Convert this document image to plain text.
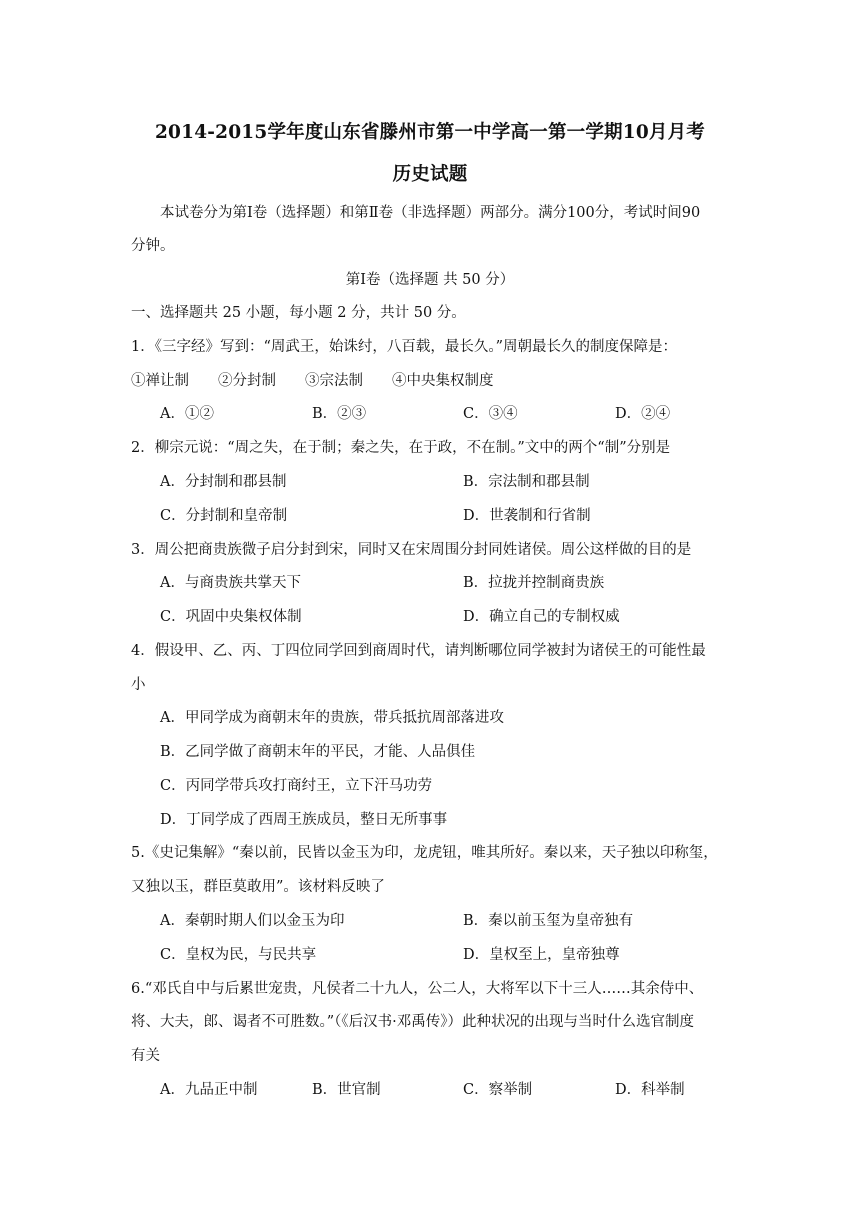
2014-2015学年度山东省滕州市第一中学高一第一学期10月月考
历史试题
本试卷分为第Ⅰ卷（选择题）和第Ⅱ卷（非选择题）两部分。满分100分，考试时间90
分钟。
第Ⅰ卷（选择题 共 50 分）
一、选择题共 25 小题，每小题 2 分，共计 50 分。
1．《三字经》写到：“周武王，始诛纣，八百载，最长久。”周朝最长久的制度保障是：
①禅让制　　②分封制　　③宗法制　　④中央集权制度
A．①②	B．②③	C．③④	D．②④
2．柳宗元说：“周之失，在于制；秦之失，在于政，不在制。”文中的两个“制”分别是
A．分封制和郡县制	B．宗法制和郡县制
C．分封制和皇帝制	D．世袭制和行省制
3．周公把商贵族微子启分封到宋，同时又在宋周围分封同姓诸侯。周公这样做的目的是
A．与商贵族共掌天下	B．拉拢并控制商贵族
C．巩固中央集权体制	D．确立自己的专制权威
4．假设甲、乙、丙、丁四位同学回到商周时代，请判断哪位同学被封为诸侯王的可能性最
小
A．甲同学成为商朝末年的贵族，带兵抵抗周部落进攻
B．乙同学做了商朝末年的平民，才能、人品俱佳
C．丙同学带兵攻打商纣王，立下汗马功劳
D．丁同学成了西周王族成员，整日无所事事
5.《史记集解》“秦以前，民皆以金玉为印，龙虎钮，唯其所好。秦以来，天子独以印称玺，
又独以玉，群臣莫敢用”。该材料反映了
A．秦朝时期人们以金玉为印	B．秦以前玉玺为皇帝独有
C．皇权为民，与民共享	D．皇权至上，皇帝独尊
6.“邓氏自中与后累世宠贵，凡侯者二十九人，公二人，大将军以下十三人……其余侍中、
将、大夫，郎、谒者不可胜数。”（《后汉书·邓禹传》）此种状况的出现与当时什么选官制度
有关
A．九品正中制	B．世官制	C．察举制	D．科举制
